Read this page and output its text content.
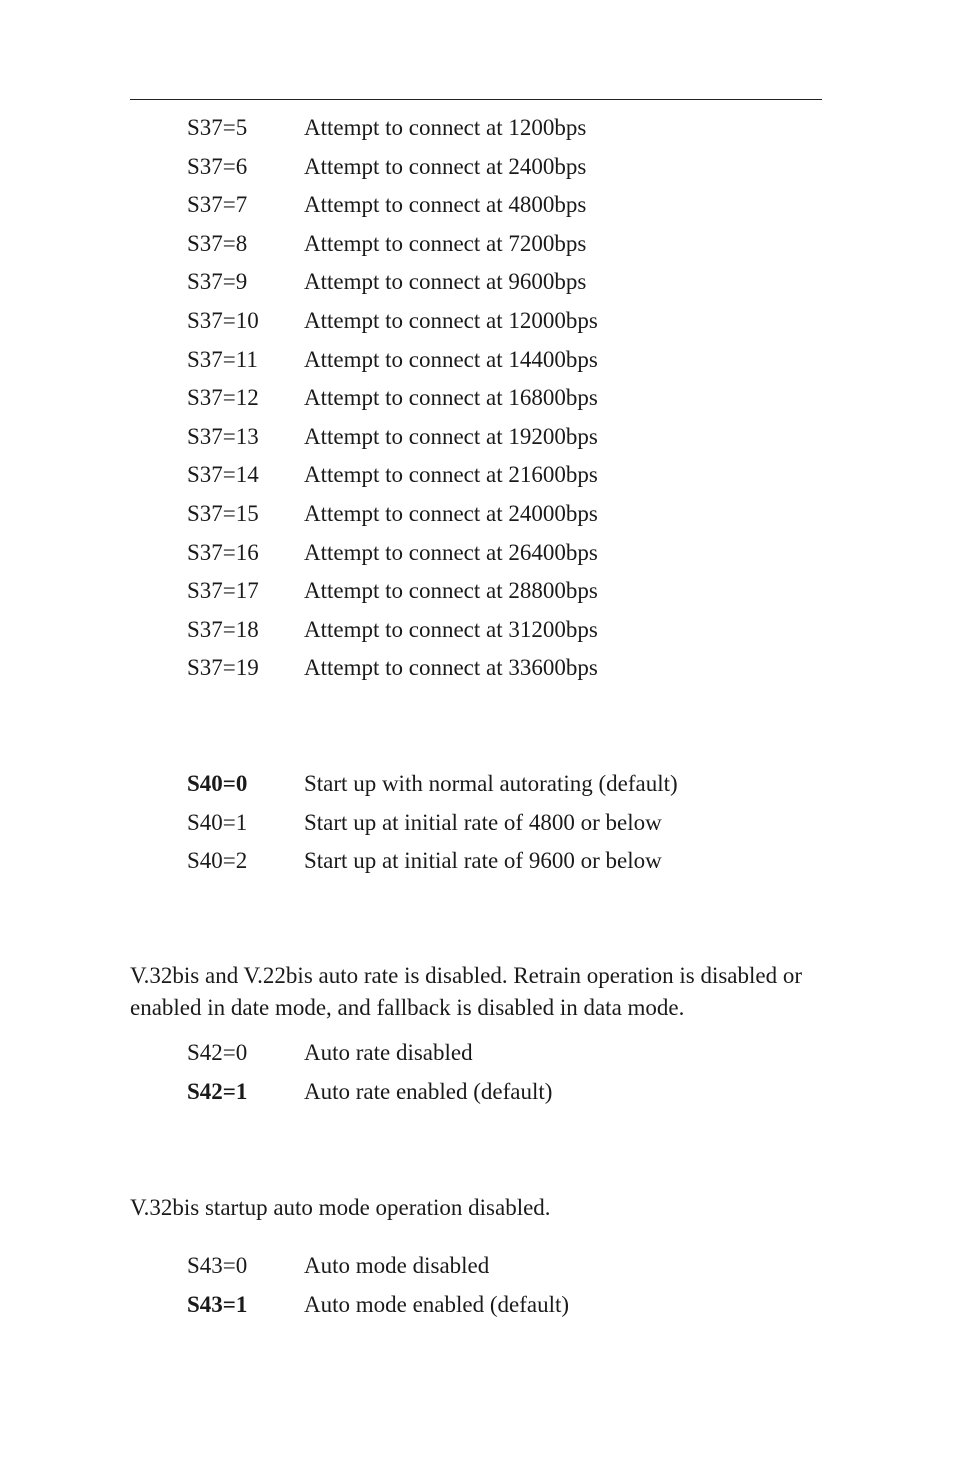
S37=5 Attempt to connect at 1200bps
S37=6 Attempt to connect at 2400bps
S37=7 Attempt to connect at 4800bps
S37=8 Attempt to connect at 7200bps
S37=9 Attempt to connect at 9600bps
S37=10 Attempt to connect at 12000bps
S37=11 Attempt to connect at 14400bps
S37=12 Attempt to connect at 16800bps
S37=13 Attempt to connect at 19200bps
S37=14 Attempt to connect at 21600bps
S37=15 Attempt to connect at 24000bps
S37=16 Attempt to connect at 26400bps
S37=17 Attempt to connect at 28800bps
S37=18 Attempt to connect at 31200bps
S37=19 Attempt to connect at 33600bps
S40=0 Start up with normal autorating (default)
S40=1 Start up at initial rate of 4800 or below
S40=2 Start up at initial rate of 9600 or below
V.32bis and V.22bis auto rate is disabled. Retrain operation is disabled or enabled in date mode, and fallback is disabled in data mode.
S42=0 Auto rate disabled
S42=1 Auto rate enabled (default)
V.32bis startup auto mode operation disabled.
S43=0 Auto mode disabled
S43=1 Auto mode enabled (default)
